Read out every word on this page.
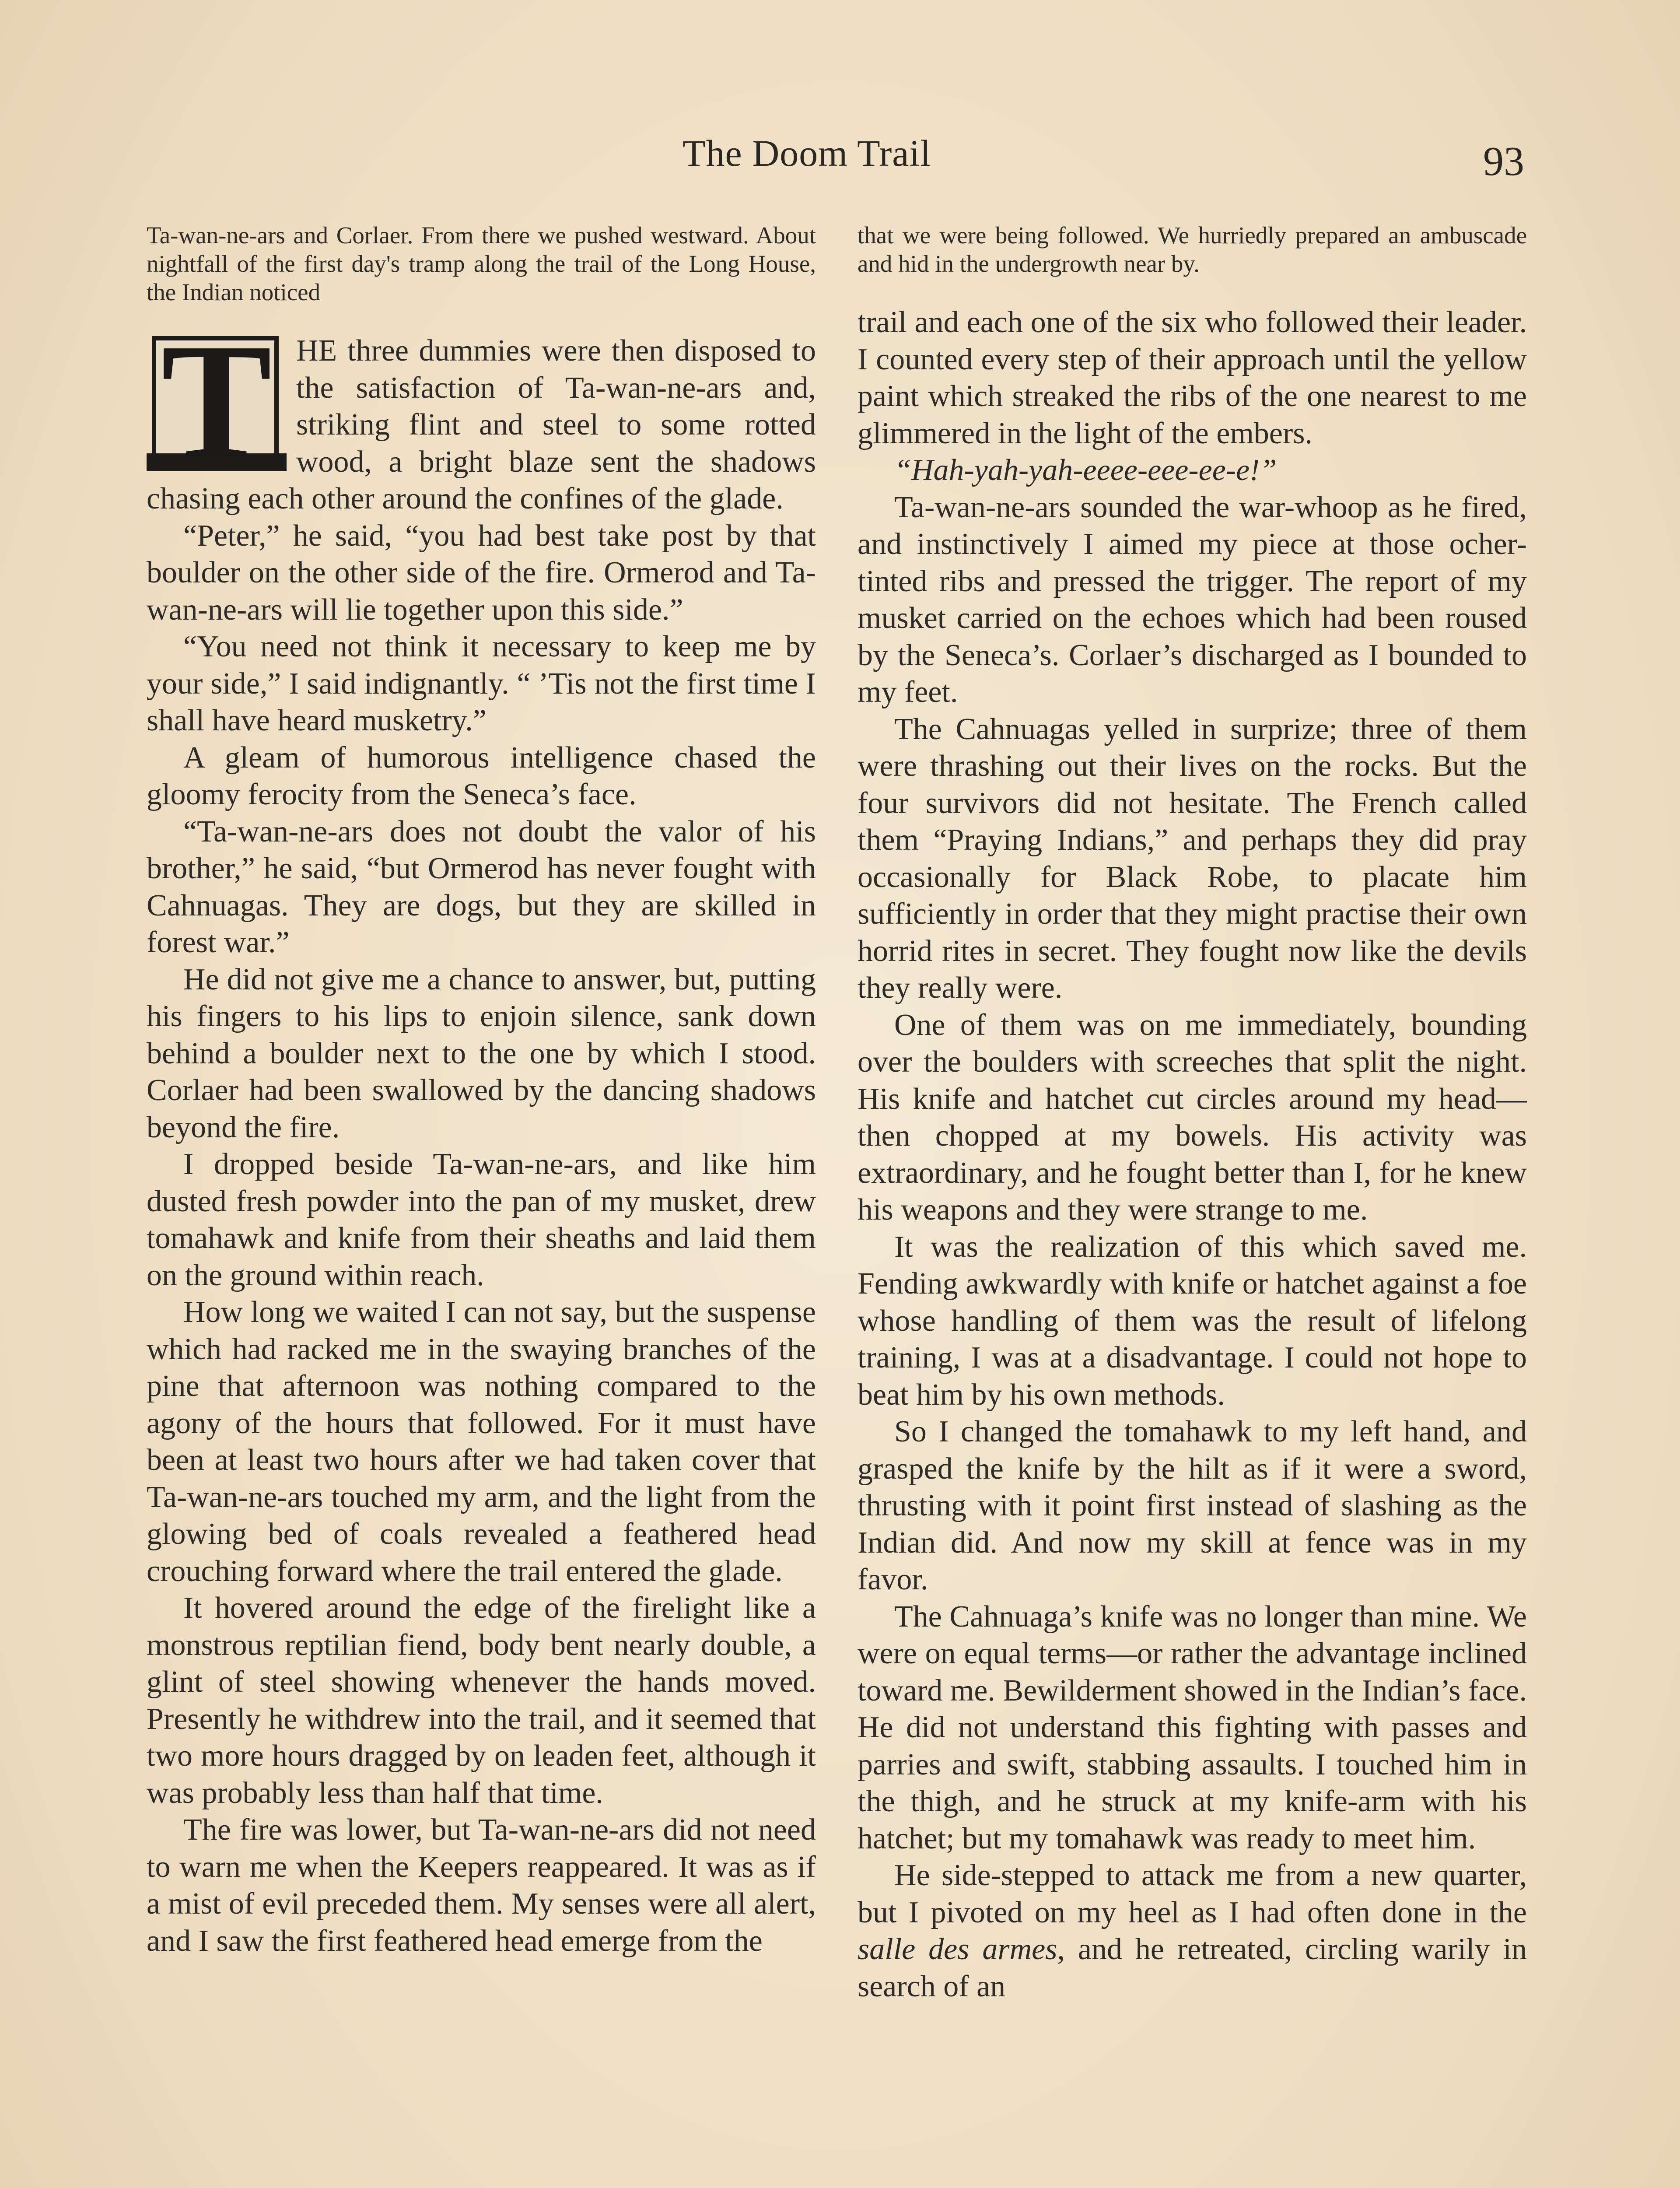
The Doom Trail	93

Ta-wan-ne-ars and Corlaer. From there we pushed westward. About nightfall of the first day's tramp along the trail of the Long House, the Indian noticed

T HE three dummies were then disposed to the satisfaction of Ta-wan-ne-ars and, striking flint and steel to some rotted wood, a bright blaze sent the shadows chasing each other around the confines of the glade.

“Peter,” he said, “you had best take post by that boulder on the other side of the fire. Ormerod and Ta-wan-ne-ars will lie together upon this side.”

“You need not think it necessary to keep me by your side,” I said indignantly. “ ’Tis not the first time I shall have heard musketry.”

A gleam of humorous intelligence chased the gloomy ferocity from the Seneca’s face.

“Ta-wan-ne-ars does not doubt the valor of his brother,” he said, “but Ormerod has never fought with Cahnuagas. They are dogs, but they are skilled in forest war.”

He did not give me a chance to answer, but, putting his fingers to his lips to enjoin silence, sank down behind a boulder next to the one by which I stood. Corlaer had been swallowed by the dancing shadows beyond the fire.

I dropped beside Ta-wan-ne-ars, and like him dusted fresh powder into the pan of my musket, drew tomahawk and knife from their sheaths and laid them on the ground within reach.

How long we waited I can not say, but the suspense which had racked me in the swaying branches of the pine that afternoon was nothing compared to the agony of the hours that followed. For it must have been at least two hours after we had taken cover that Ta-wan-ne-ars touched my arm, and the light from the glowing bed of coals revealed a feathered head crouching forward where the trail entered the glade.

It hovered around the edge of the firelight like a monstrous reptilian fiend, body bent nearly double, a glint of steel showing whenever the hands moved. Presently he withdrew into the trail, and it seemed that two more hours dragged by on leaden feet, although it was probably less than half that time.

The fire was lower, but Ta-wan-ne-ars did not need to warn me when the Keepers reappeared. It was as if a mist of evil preceded them. My senses were all alert, and I saw the first feathered head emerge from the

that we were being followed. We hurriedly prepared an ambuscade and hid in the undergrowth near by.

trail and each one of the six who followed their leader. I counted every step of their approach until the yellow paint which streaked the ribs of the one nearest to me glimmered in the light of the embers.

“Hah-yah-yah-eeee-eee-ee-e!”

Ta-wan-ne-ars sounded the war-whoop as he fired, and instinctively I aimed my piece at those ocher-tinted ribs and pressed the trigger. The report of my musket carried on the echoes which had been roused by the Seneca’s. Corlaer’s discharged as I bounded to my feet.

The Cahnuagas yelled in surprize; three of them were thrashing out their lives on the rocks. But the four survivors did not hesitate. The French called them “Praying Indians,” and perhaps they did pray occasionally for Black Robe, to placate him sufficiently in order that they might practise their own horrid rites in secret. They fought now like the devils they really were.

One of them was on me immediately, bounding over the boulders with screeches that split the night. His knife and hatchet cut circles around my head—then chopped at my bowels. His activity was extraordinary, and he fought better than I, for he knew his weapons and they were strange to me.

It was the realization of this which saved me. Fending awkwardly with knife or hatchet against a foe whose handling of them was the result of lifelong training, I was at a disadvantage. I could not hope to beat him by his own methods.

So I changed the tomahawk to my left hand, and grasped the knife by the hilt as if it were a sword, thrusting with it point first instead of slashing as the Indian did. And now my skill at fence was in my favor.

The Cahnuaga’s knife was no longer than mine. We were on equal terms—or rather the advantage inclined toward me. Bewilderment showed in the Indian’s face. He did not understand this fighting with passes and parries and swift, stabbing assaults. I touched him in the thigh, and he struck at my knife-arm with his hatchet; but my tomahawk was ready to meet him.

He side-stepped to attack me from a new quarter, but I pivoted on my heel as I had often done in the salle des armes, and he retreated, circling warily in search of an
